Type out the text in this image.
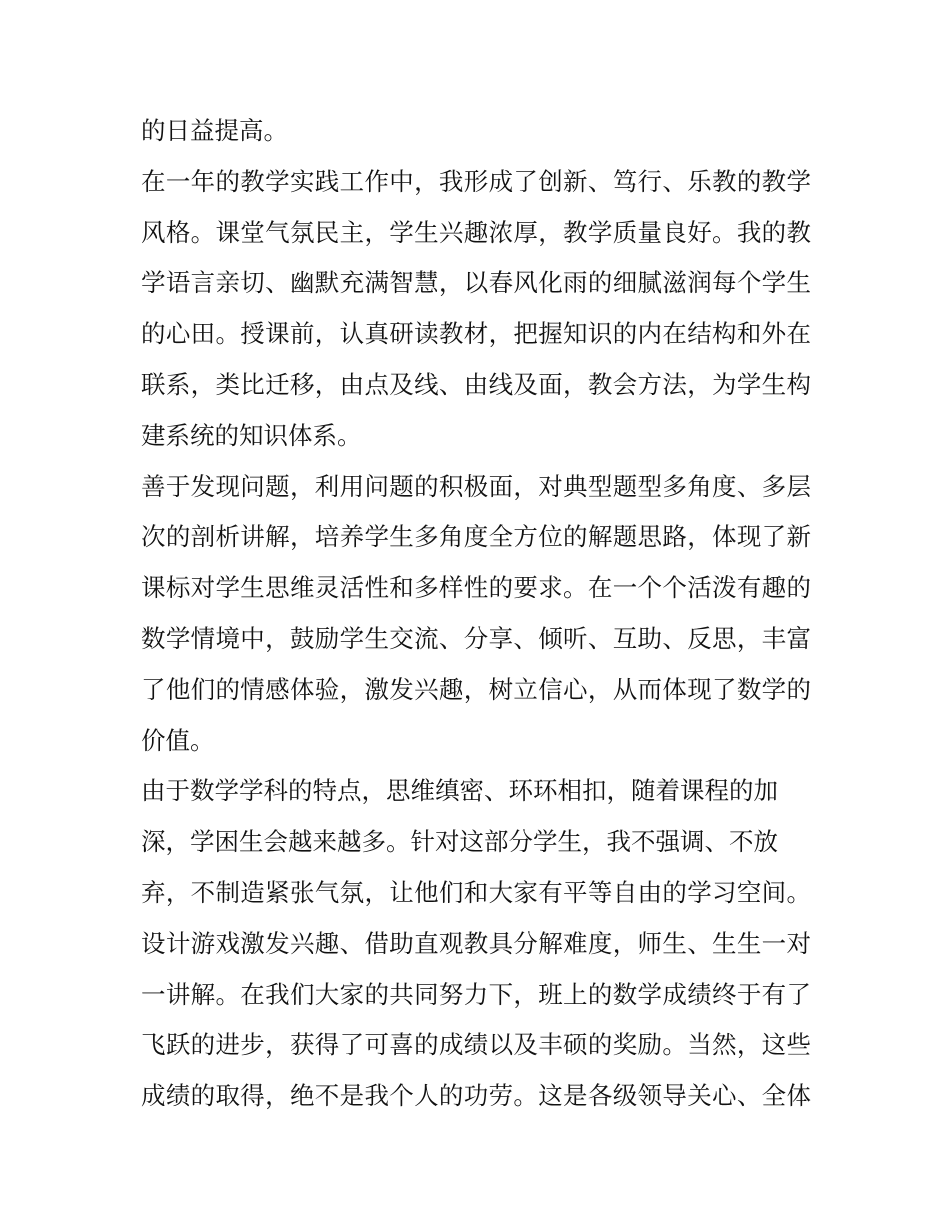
的日益提高。
在一年的教学实践工作中，我形成了创新、笃行、乐教的教学
风格。课堂气氛民主，学生兴趣浓厚，教学质量良好。我的教
学语言亲切、幽默充满智慧，以春风化雨的细腻滋润每个学生
的心田。授课前，认真研读教材，把握知识的内在结构和外在
联系，类比迁移，由点及线、由线及面，教会方法，为学生构
建系统的知识体系。
善于发现问题，利用问题的积极面，对典型题型多角度、多层
次的剖析讲解，培养学生多角度全方位的解题思路，体现了新
课标对学生思维灵活性和多样性的要求。在一个个活泼有趣的
数学情境中，鼓励学生交流、分享、倾听、互助、反思，丰富
了他们的情感体验，激发兴趣，树立信心，从而体现了数学的
价值。
由于数学学科的特点，思维缜密、环环相扣，随着课程的加
深，学困生会越来越多。针对这部分学生，我不强调、不放
弃，不制造紧张气氛，让他们和大家有平等自由的学习空间。
设计游戏激发兴趣、借助直观教具分解难度，师生、生生一对
一讲解。在我们大家的共同努力下，班上的数学成绩终于有了
飞跃的进步，获得了可喜的成绩以及丰硕的奖励。当然，这些
成绩的取得，绝不是我个人的功劳。这是各级领导关心、全体
